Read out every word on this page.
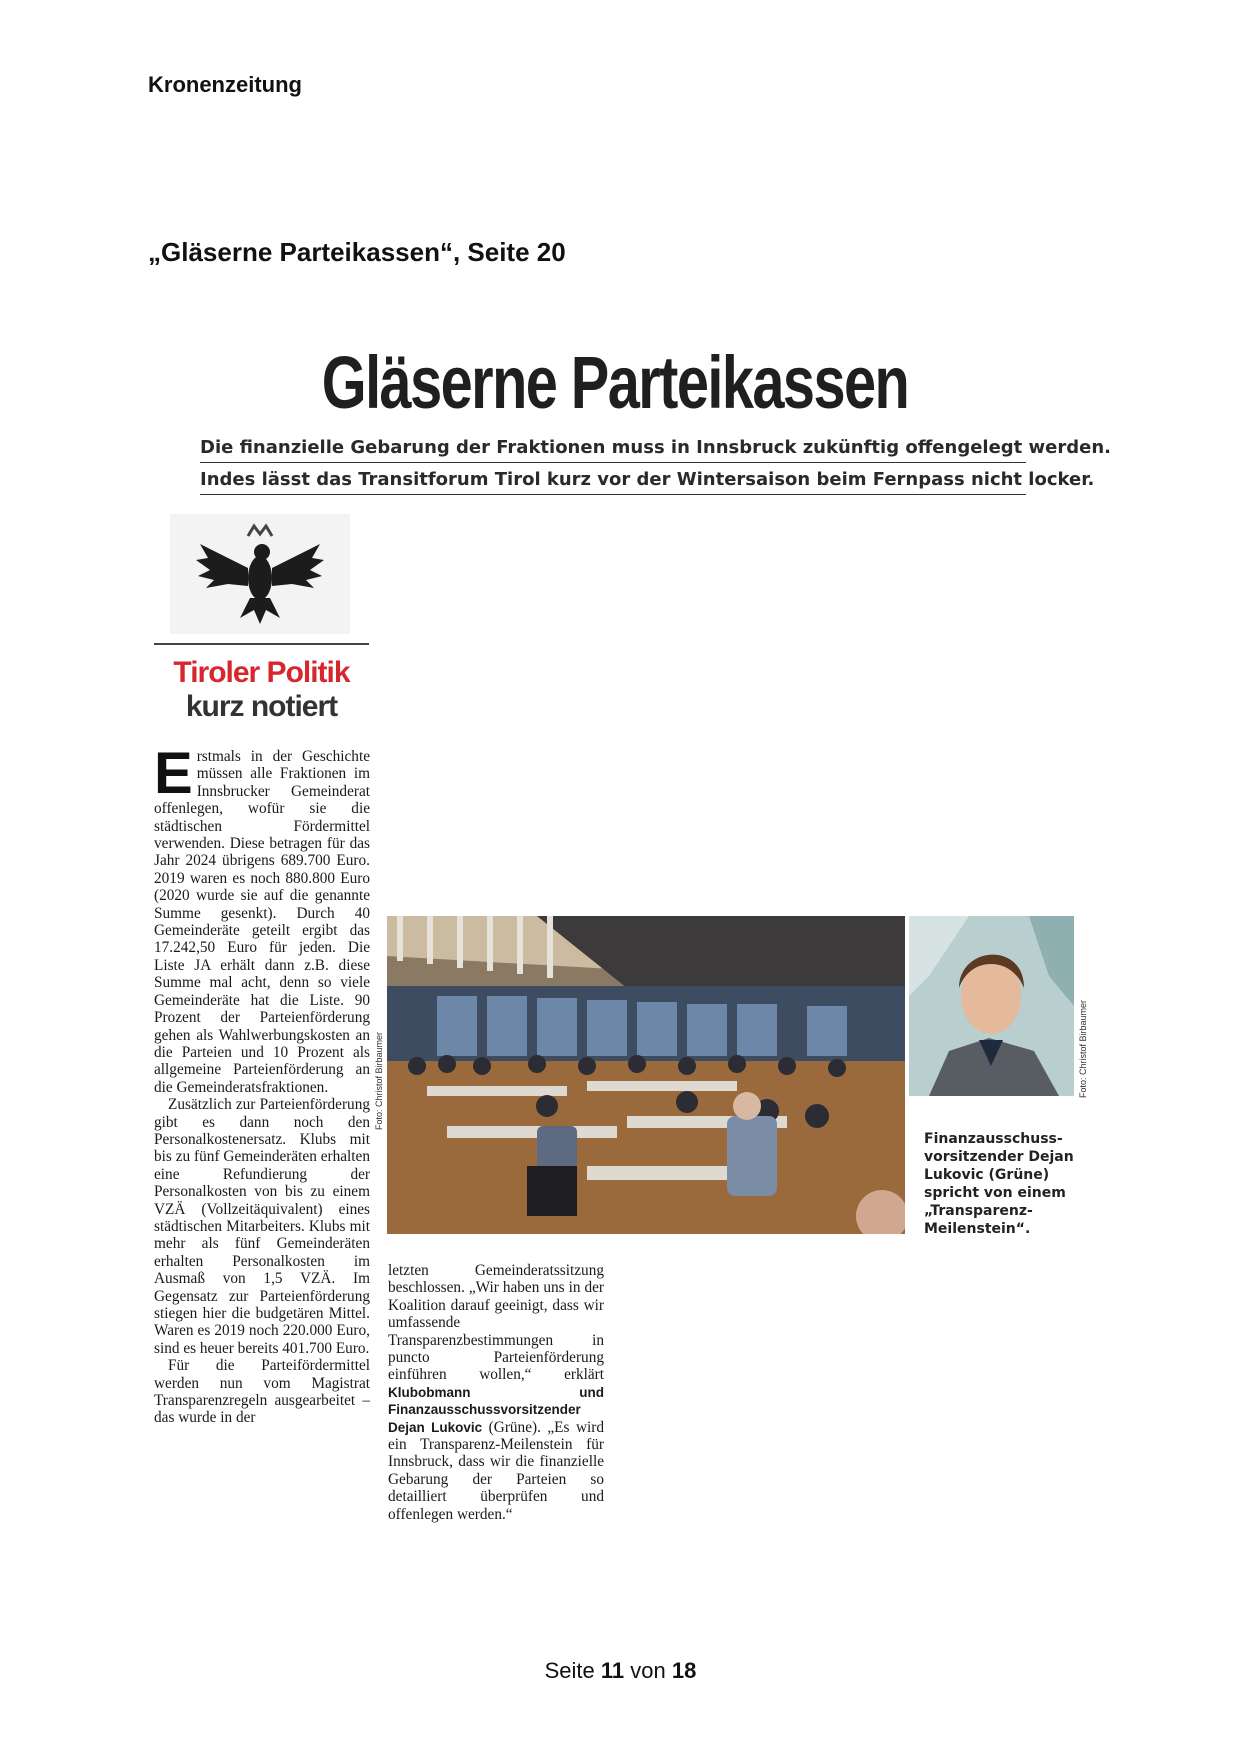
Kronenzeitung
„Gläserne Parteikassen“, Seite 20
Gläserne Parteikassen
Die finanzielle Gebarung der Fraktionen muss in Innsbruck zukünftig offengelegt werden.
Indes lässt das Transitforum Tirol kurz vor der Wintersaison beim Fernpass nicht locker.
Tiroler Politik
kurz notiert

Erstmals in der Geschichte müssen alle Fraktionen im Innsbrucker Gemeinderat offenlegen, wofür sie die städtischen Fördermittel verwenden. Diese betragen für das Jahr 2024 übrigens 689.700 Euro. 2019 waren es noch 880.800 Euro (2020 wurde sie auf die genannte Summe gesenkt). Durch 40 Gemeinderäte geteilt ergibt das 17.242,50 Euro für jeden. Die Liste JA erhält dann z.B. diese Summe mal acht, denn so viele Gemeinderäte hat die Liste. 90 Prozent der Parteienförderung gehen als Wahlwerbungskosten an die Parteien und 10 Prozent als allgemeine Parteienförderung an die Gemeinderatsfraktionen.

Zusätzlich zur Parteienförderung gibt es dann noch den Personalkostenersatz. Klubs mit bis zu fünf Gemeinderäten erhalten eine Refundierung der Personalkosten von bis zu einem VZÄ (Vollzeitäquivalent) eines städtischen Mitarbeiters. Klubs mit mehr als fünf Gemeinderäten erhalten Personalkosten im Ausmaß von 1,5 VZÄ. Im Gegensatz zur Parteienförderung stiegen hier die budgetären Mittel. Waren es 2019 noch 220.000 Euro, sind es heuer bereits 401.700 Euro.

Für die Parteifördermittel werden nun vom Magistrat Transparenzregeln ausgearbeitet – das wurde in der

letzten Gemeinderatssitzung beschlossen. „Wir haben uns in der Koalition darauf geeinigt, dass wir umfassende Transparenzbestimmungen in puncto Parteienförderung einführen wollen,“ erklärt Klubobmann und Finanzausschussvorsitzender Dejan Lukovic (Grüne). „Es wird ein Transparenz-Meilenstein für Innsbruck, dass wir die finanzielle Gebarung der Parteien so detailliert überprüfen und offenlegen werden.“

Foto: Christof Birbaumer	Foto: Christof Birbaumer
Finanzausschuss-vorsitzender Dejan Lukovic (Grüne) spricht von einem „Transparenz-Meilenstein“.
Seite 11 von 18
